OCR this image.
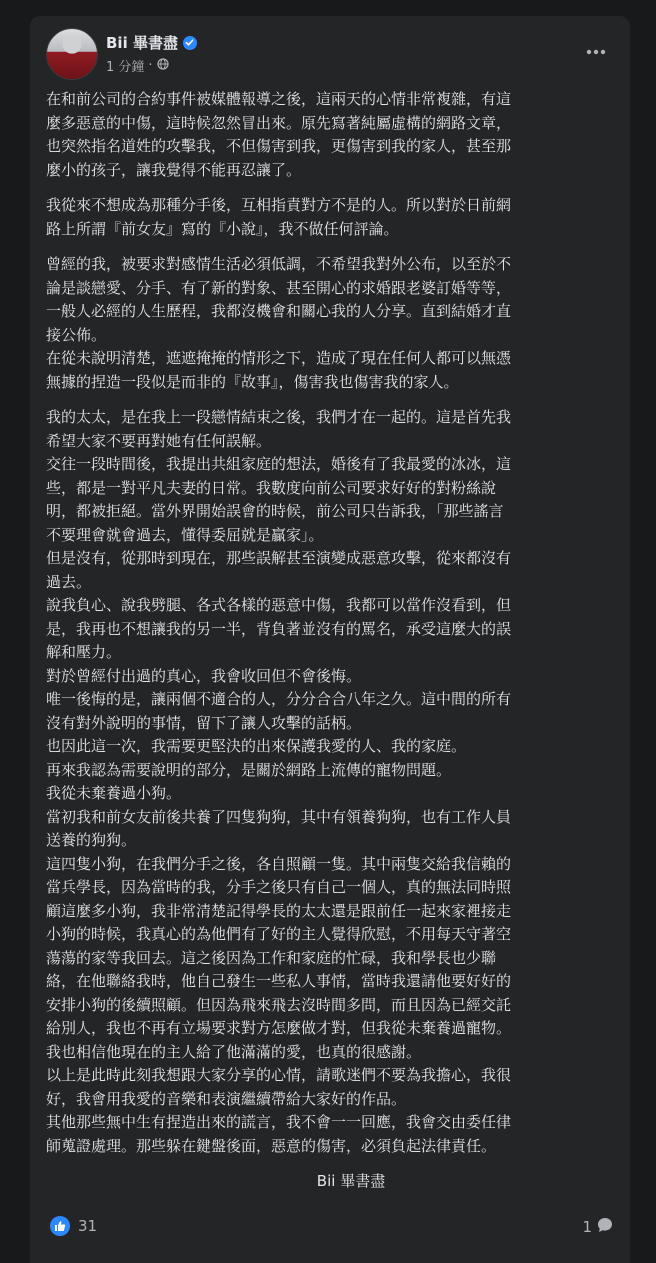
Bii 畢書盡
1 分鐘 ·
在和前公司的合約事件被媒體報導之後，這兩天的心情非常複雜，有這
麼多惡意的中傷，這時候忽然冒出來。原先寫著純屬虛構的網路文章，
也突然指名道姓的攻擊我，不但傷害到我，更傷害到我的家人，甚至那
麼小的孩子，讓我覺得不能再忍讓了。
我從來不想成為那種分手後，互相指責對方不是的人。所以對於日前網
路上所謂『前女友』寫的『小說』，我不做任何評論。
曾經的我，被要求對感情生活必須低調，不希望我對外公布，以至於不
論是談戀愛、分手、有了新的對象、甚至開心的求婚跟老婆訂婚等等，
一般人必經的人生歷程，我都沒機會和關心我的人分享。直到結婚才直
接公佈。
在從未說明清楚，遮遮掩掩的情形之下，造成了現在任何人都可以無憑
無據的捏造一段似是而非的『故事』，傷害我也傷害我的家人。
我的太太，是在我上一段戀情結束之後，我們才在一起的。這是首先我
希望大家不要再對她有任何誤解。
交往一段時間後，我提出共組家庭的想法，婚後有了我最愛的冰冰，這
些，都是一對平凡夫妻的日常。我數度向前公司要求好好的對粉絲說
明，都被拒絕。當外界開始誤會的時候，前公司只告訴我，「那些謠言
不要理會就會過去，懂得委屈就是贏家」。
但是沒有，從那時到現在，那些誤解甚至演變成惡意攻擊，從來都沒有
過去。
說我負心、說我劈腿、各式各樣的惡意中傷，我都可以當作沒看到，但
是，我再也不想讓我的另一半，背負著並沒有的罵名，承受這麼大的誤
解和壓力。
對於曾經付出過的真心，我會收回但不會後悔。
唯一後悔的是，讓兩個不適合的人，分分合合八年之久。這中間的所有
沒有對外說明的事情，留下了讓人攻擊的話柄。
也因此這一次，我需要更堅決的出來保護我愛的人、我的家庭。
再來我認為需要說明的部分，是關於網路上流傳的寵物問題。
我從未棄養過小狗。
當初我和前女友前後共養了四隻狗狗，其中有領養狗狗，也有工作人員
送養的狗狗。
這四隻小狗，在我們分手之後，各自照顧一隻。其中兩隻交給我信賴的
當兵學長，因為當時的我，分手之後只有自己一個人，真的無法同時照
顧這麼多小狗，我非常清楚記得學長的太太還是跟前任一起來家裡接走
小狗的時候，我真心的為他們有了好的主人覺得欣慰，不用每天守著空
蕩蕩的家等我回去。這之後因為工作和家庭的忙碌，我和學長也少聯
絡，在他聯絡我時，他自己發生一些私人事情，當時我還請他要好好的
安排小狗的後續照顧。但因為飛來飛去沒時間多問，而且因為已經交託
給別人，我也不再有立場要求對方怎麼做才對，但我從未棄養過寵物。
我也相信他現在的主人給了他滿滿的愛，也真的很感謝。
以上是此時此刻我想跟大家分享的心情，請歌迷們不要為我擔心，我很
好，我會用我愛的音樂和表演繼續帶給大家好的作品。
其他那些無中生有捏造出來的謊言，我不會一一回應，我會交由委任律
師蒐證處理。那些躲在鍵盤後面，惡意的傷害，必須負起法律責任。
Bii 畢書盡
31	1
